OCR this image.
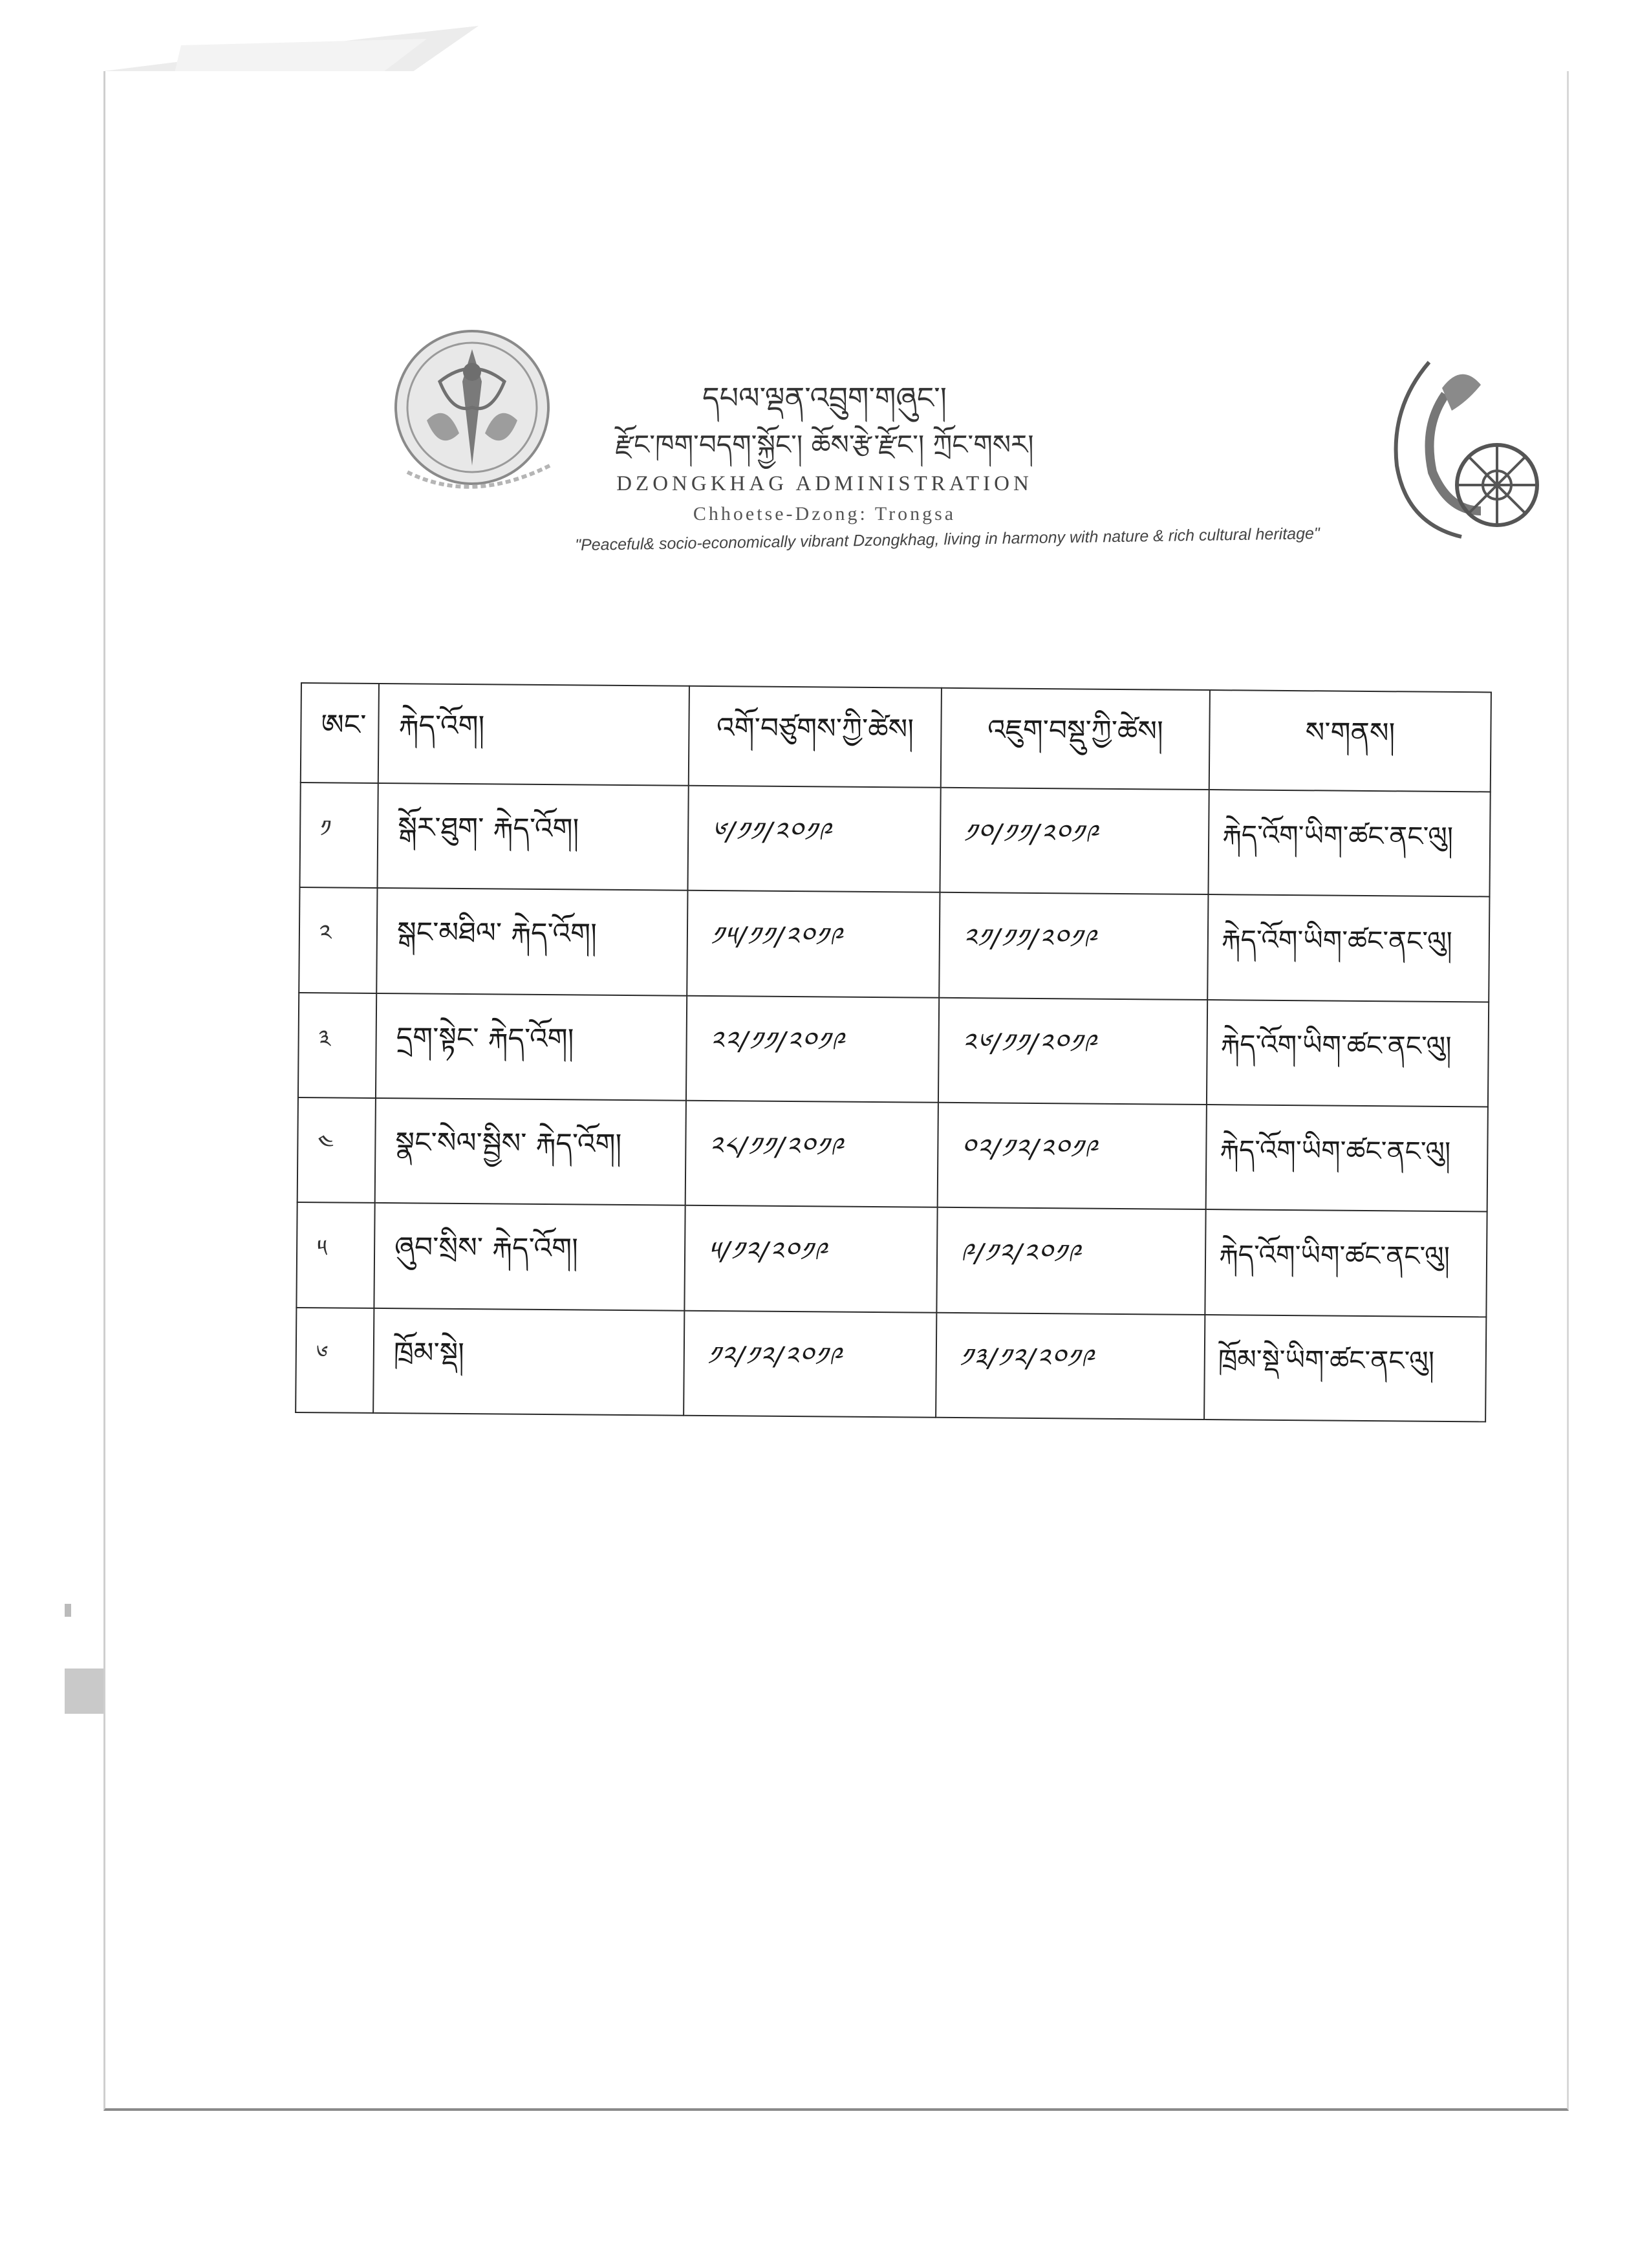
དཔལ་ལྡན་འབྲུག་གཞུང་།
རྫོང་ཁག་བདག་སྐྱོང་། ཆོས་རྩེ་རྫོང་། ཀྲོང་གསར།
DZONGKHAG ADMINISTRATION
Chhoetse-Dzong: Trongsa
"Peaceful& socio-economically vibrant Dzongkhag, living in harmony with nature & rich cultural heritage"
ཨང་	རྐེད་འོག།	འགོ་བཙུགས་ཀྱི་ཚེས།	འཇུག་བསྡུ་ཀྱི་ཚེས།	ས་གནས།
༡	སྒོར་ཐུག་ རྐེད་འོག།	༦/༡༡/༢༠༡༩	༡༠/༡༡/༢༠༡༩	རྐེད་འོག་ཡིག་ཚང་ནང་ལུ།
༢	སྒང་མཐིལ་ རྐེད་འོག།	༡༥/༡༡/༢༠༡༩	༢༡/༡༡/༢༠༡༩	རྐེད་འོག་ཡིག་ཚང་ནང་ལུ།
༣	དྲག་སྟེང་ རྐེད་འོག།	༢༢/༡༡/༢༠༡༩	༢༦/༡༡/༢༠༡༩	རྐེད་འོག་ཡིག་ཚང་ནང་ལུ།
༤	སྣང་སེལ་སྦྱིས་ རྐེད་འོག།	༢༨/༡༡/༢༠༡༩	༠༢/༡༢/༢༠༡༩	རྐེད་འོག་ཡིག་ཚང་ནང་ལུ།
༥	ཞུབ་སྲིས་ རྐེད་འོག།	༥/༡༢/༢༠༡༩	༩/༡༢/༢༠༡༩	རྐེད་འོག་ཡིག་ཚང་ནང་ལུ།
༦	ཁྲོམ་སྡེ།	༡༢/༡༢/༢༠༡༩	༡༣/༡༢/༢༠༡༩	ཁྲོམ་སྡེ་ཡིག་ཚང་ནང་ལུ།
